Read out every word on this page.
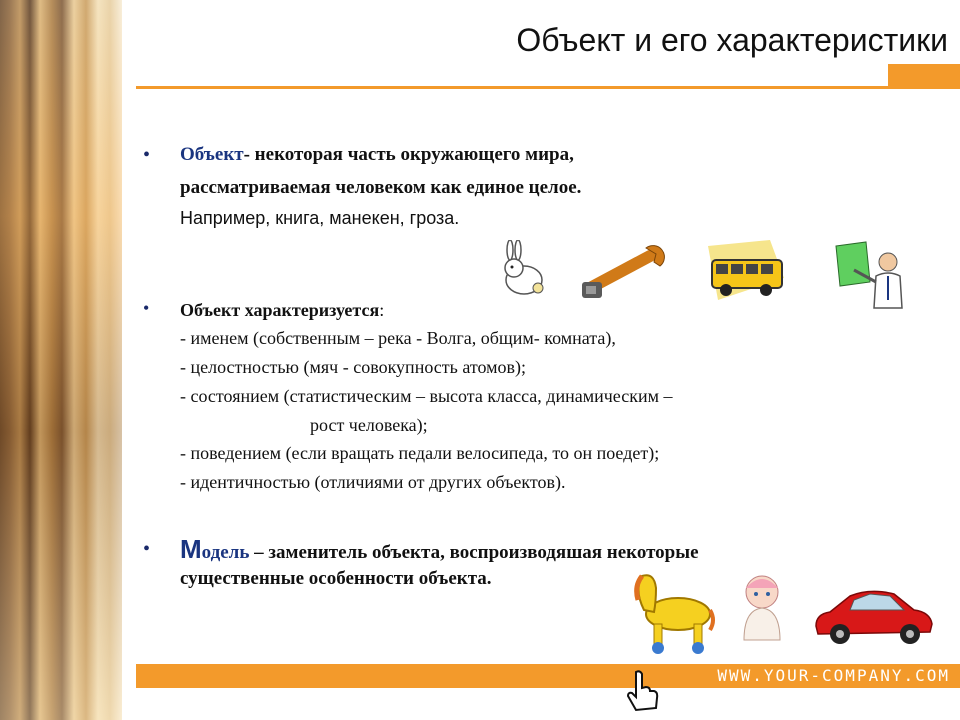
Объект и его характеристики
• Объект- некоторая часть окружающего мира,
рассматриваемая человеком как единое целое.
Например, книга, манекен, гроза.
• Объект характеризуется:
- именем (собственным – река - Волга, общим- комната),
- целостностью (мяч - совокупность атомов);
- состоянием (статистическим – высота класса, динамическим –
рост человека);
- поведением (если вращать педали велосипеда, то он поедет);
- идентичностью (отличиями от других объектов).
• Модель – заменитель объекта, воспроизводяшая некоторые
существенные особенности объекта.
WWW.YOUR-COMPANY.COM
